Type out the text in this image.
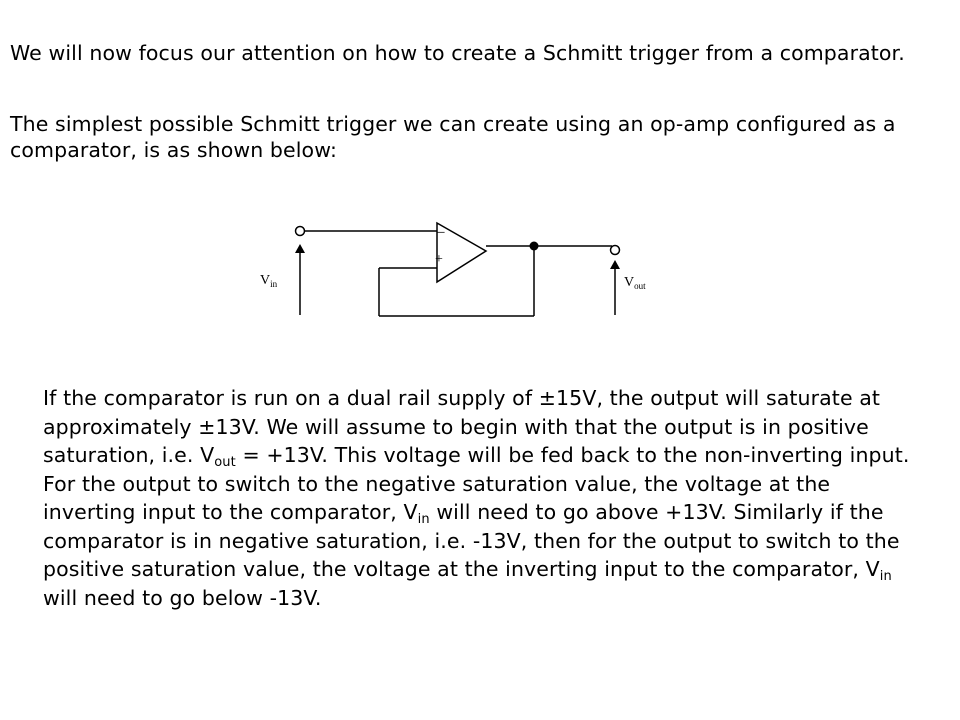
We will now focus our attention on how to create a Schmitt trigger from a comparator.

The simplest possible Schmitt trigger we can create using an op-amp configured as a comparator, is as shown below:

–
+
$V_{in}$	$V_{out}$

If the comparator is run on a dual rail supply of ±15V, the output will saturate at approximately ±13V. We will assume to begin with that the output is in positive saturation, i.e. $V_{out} = +13V$. This voltage will be fed back to the non-inverting input. For the output to switch to the negative saturation value, the voltage at the inverting input to the comparator, $V_{in}$ will need to go above +13V. Similarly if the comparator is in negative saturation, i.e. -13V, then for the output to switch to the positive saturation value, the voltage at the inverting input to the comparator, $V_{in}$ will need to go below -13V.
